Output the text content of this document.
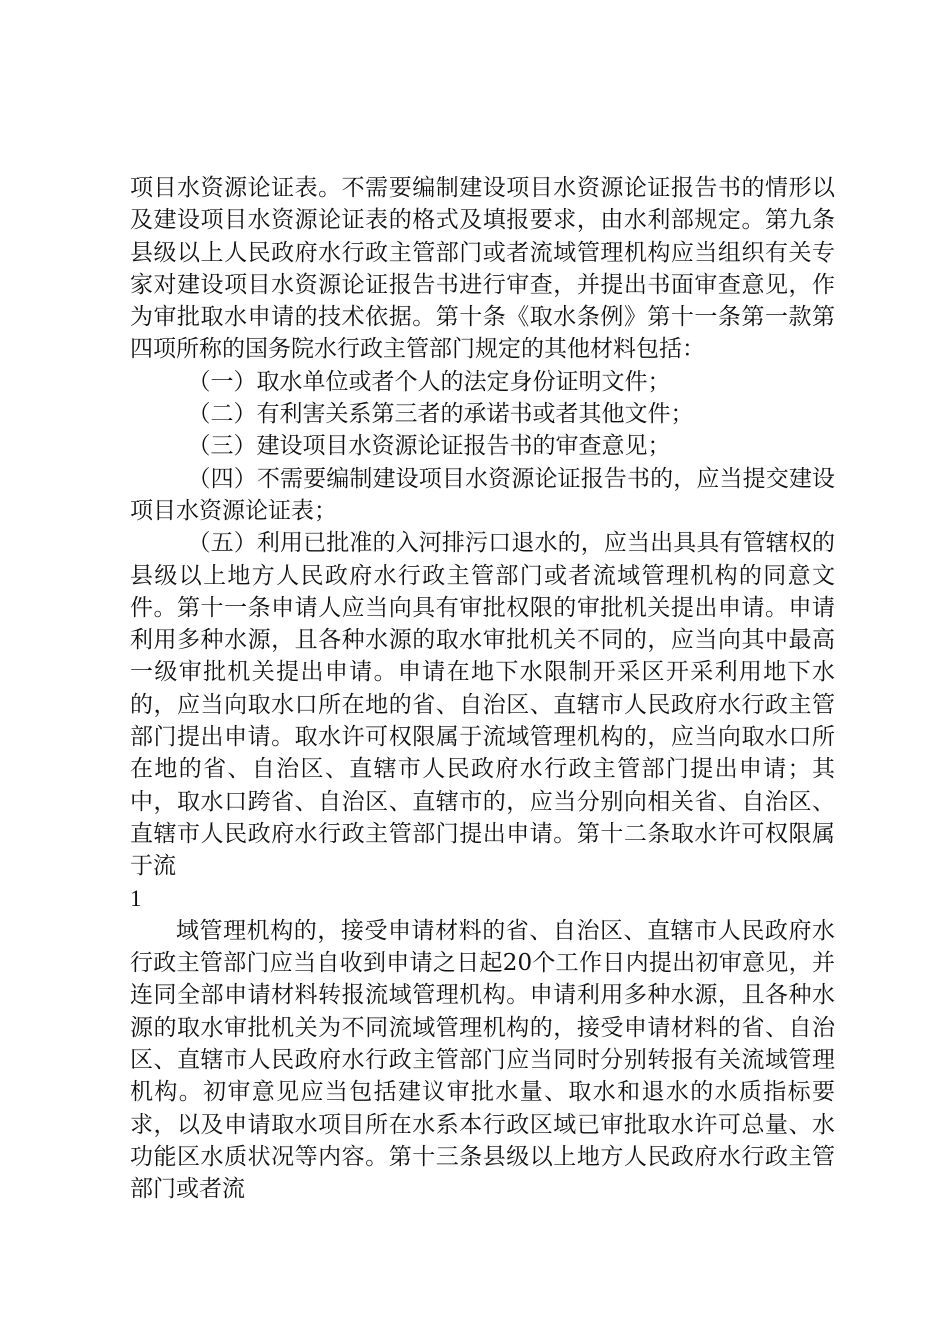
项目水资源论证表。不需要编制建设项目水资源论证报告书的情形以及建设项目水资源论证表的格式及填报要求，由水利部规定。第九条县级以上人民政府水行政主管部门或者流域管理机构应当组织有关专家对建设项目水资源论证报告书进行审查，并提出书面审查意见，作为审批取水申请的技术依据。第十条《取水条例》第十一条第一款第四项所称的国务院水行政主管部门规定的其他材料包括：

（一）取水单位或者个人的法定身份证明文件；

（二）有利害关系第三者的承诺书或者其他文件；

（三）建设项目水资源论证报告书的审查意见；

（四）不需要编制建设项目水资源论证报告书的，应当提交建设项目水资源论证表；

（五）利用已批准的入河排污口退水的，应当出具具有管辖权的县级以上地方人民政府水行政主管部门或者流域管理机构的同意文件。第十一条申请人应当向具有审批权限的审批机关提出申请。申请利用多种水源，且各种水源的取水审批机关不同的，应当向其中最高一级审批机关提出申请。申请在地下水限制开采区开采利用地下水的，应当向取水口所在地的省、自治区、直辖市人民政府水行政主管部门提出申请。取水许可权限属于流域管理机构的，应当向取水口所在地的省、自治区、直辖市人民政府水行政主管部门提出申请；其中，取水口跨省、自治区、直辖市的，应当分别向相关省、自治区、直辖市人民政府水行政主管部门提出申请。第十二条取水许可权限属于流

1

域管理机构的，接受申请材料的省、自治区、直辖市人民政府水行政主管部门应当自收到申请之日起20个工作日内提出初审意见，并连同全部申请材料转报流域管理机构。申请利用多种水源，且各种水源的取水审批机关为不同流域管理机构的，接受申请材料的省、自治区、直辖市人民政府水行政主管部门应当同时分别转报有关流域管理机构。初审意见应当包括建议审批水量、取水和退水的水质指标要求，以及申请取水项目所在水系本行政区域已审批取水许可总量、水功能区水质状况等内容。第十三条县级以上地方人民政府水行政主管部门或者流
